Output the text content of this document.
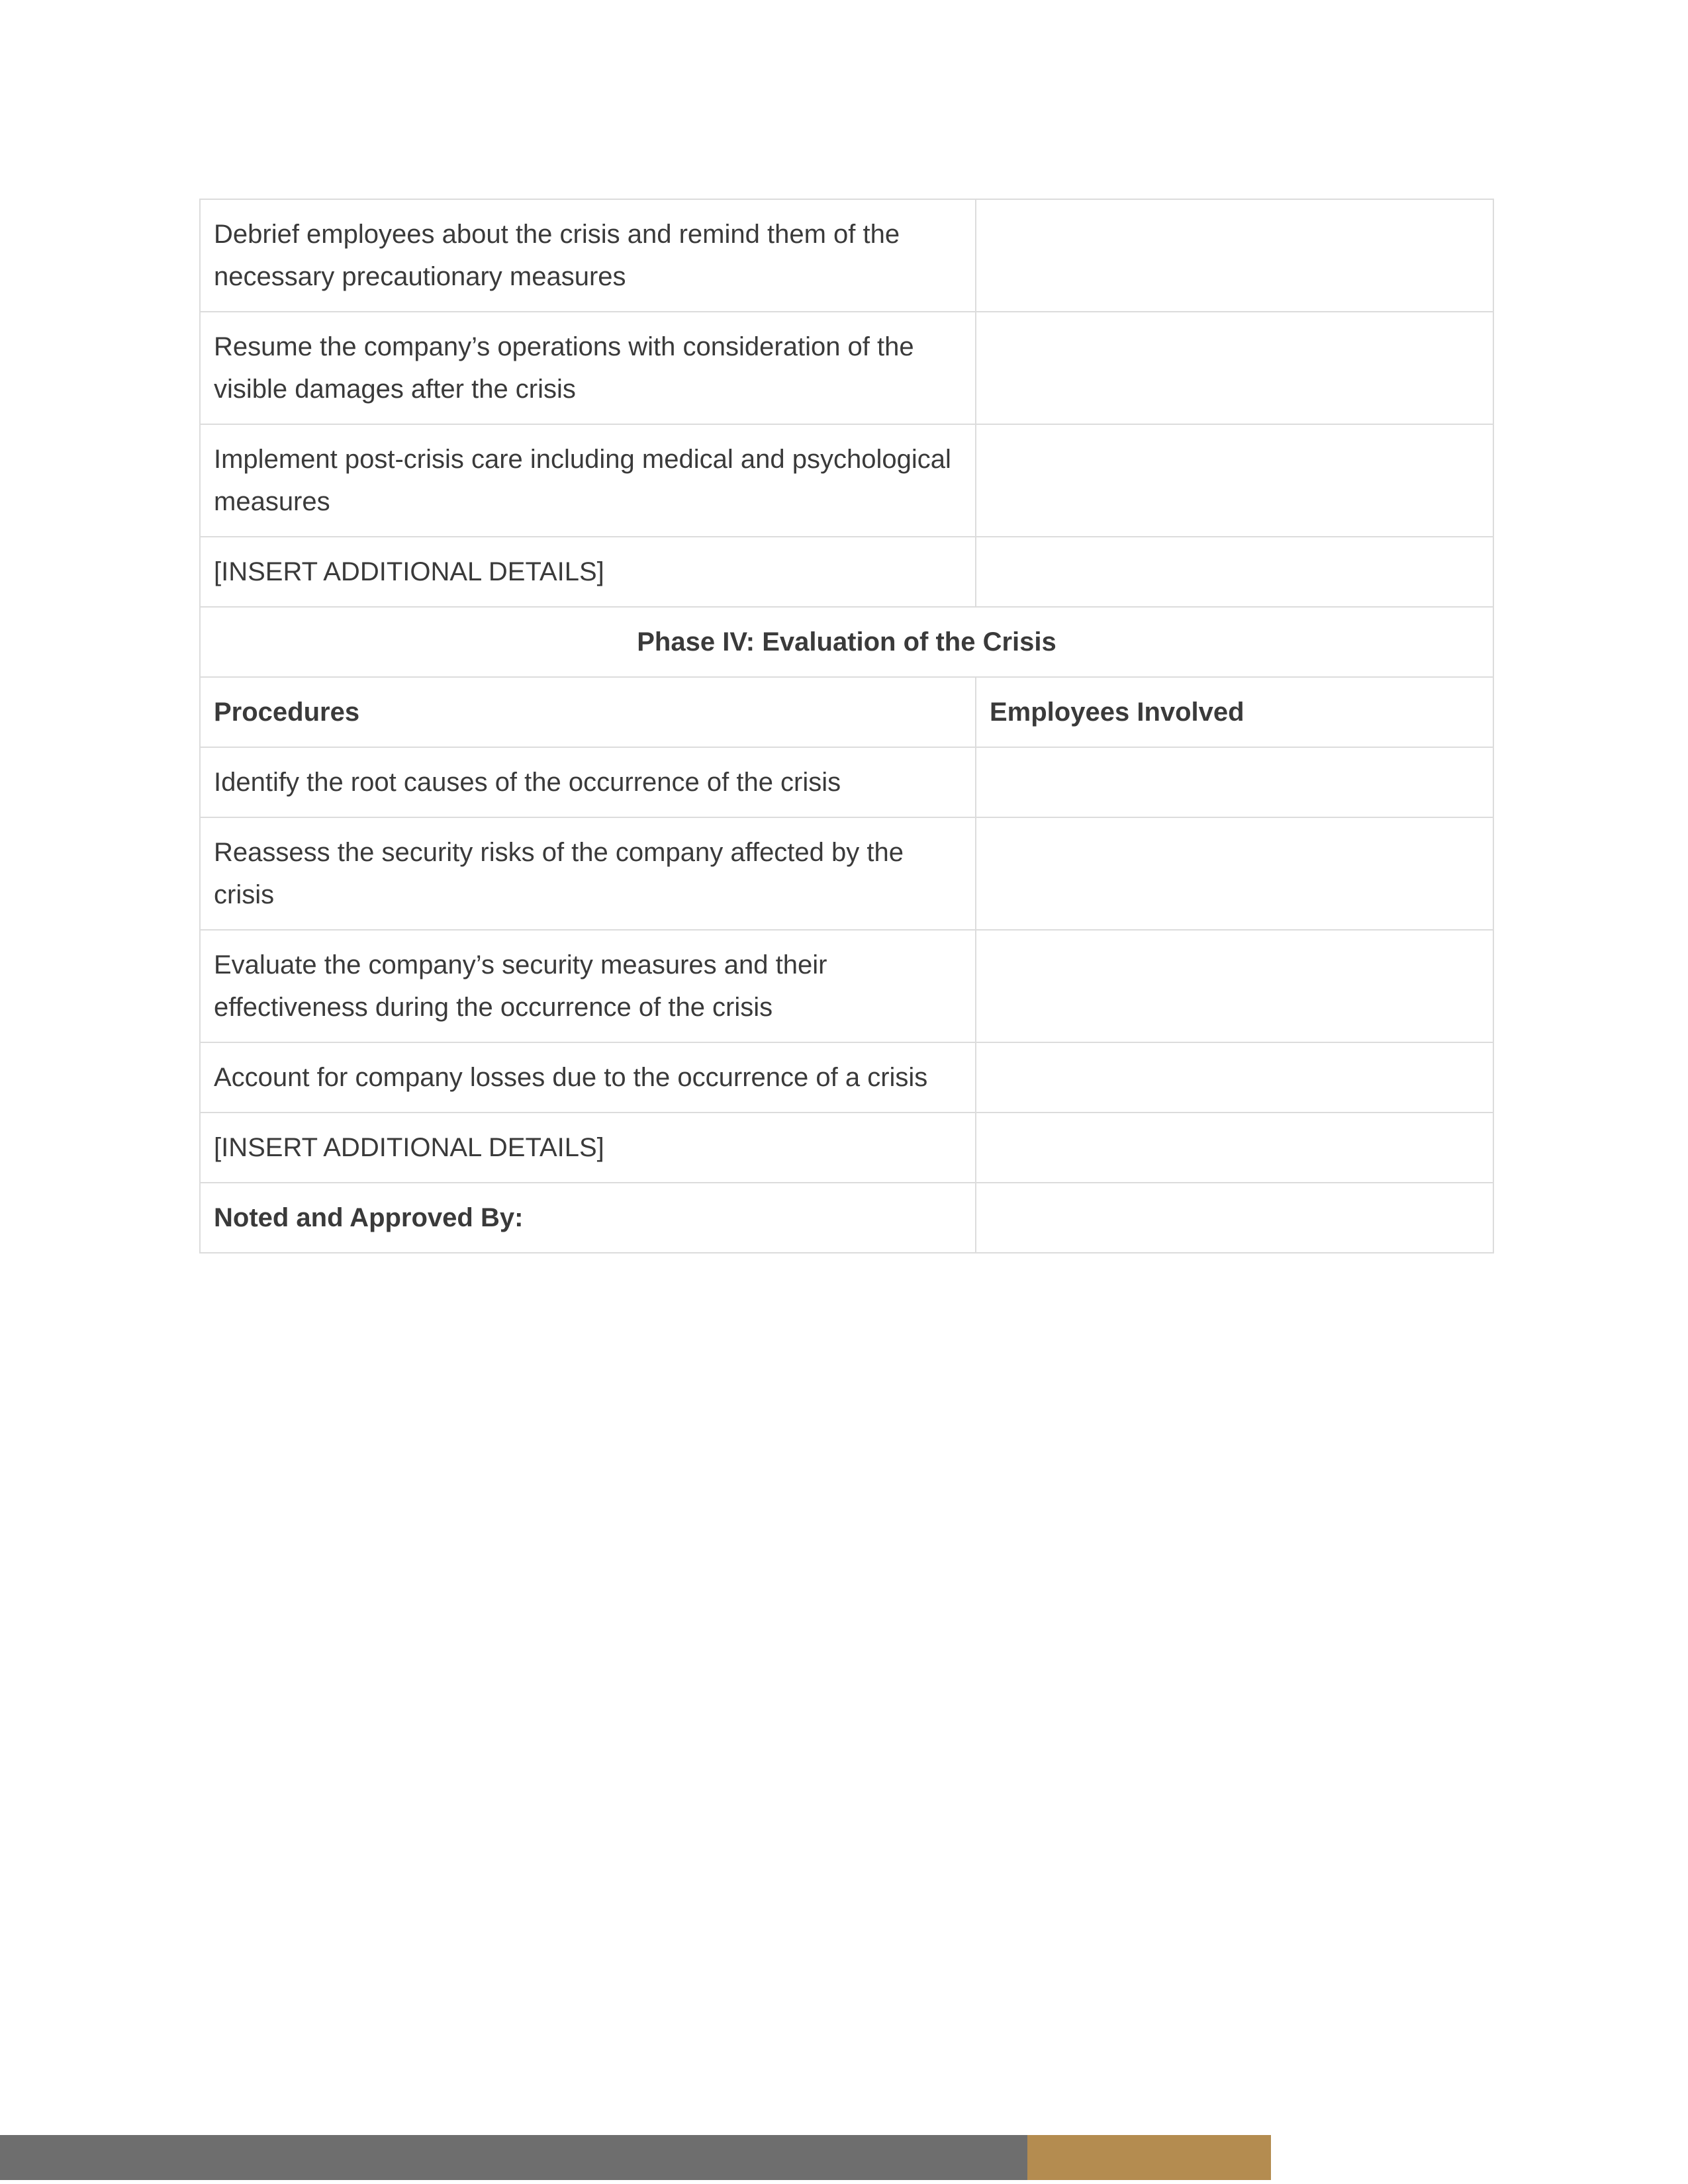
Debrief employees about the crisis and remind them of the necessary precautionary measures	
Resume the company’s operations with consideration of the visible damages after the crisis	
Implement post-crisis care including medical and psychological measures	
[INSERT ADDITIONAL DETAILS]	
Phase IV: Evaluation of the Crisis	
Procedures	Employees Involved
Identify the root causes of the occurrence of the crisis	
Reassess the security risks of the company affected by the crisis	
Evaluate the company’s security measures and their effectiveness during the occurrence of the crisis	
Account for company losses due to the occurrence of a crisis	
[INSERT ADDITIONAL DETAILS]	
Noted and Approved By:	
